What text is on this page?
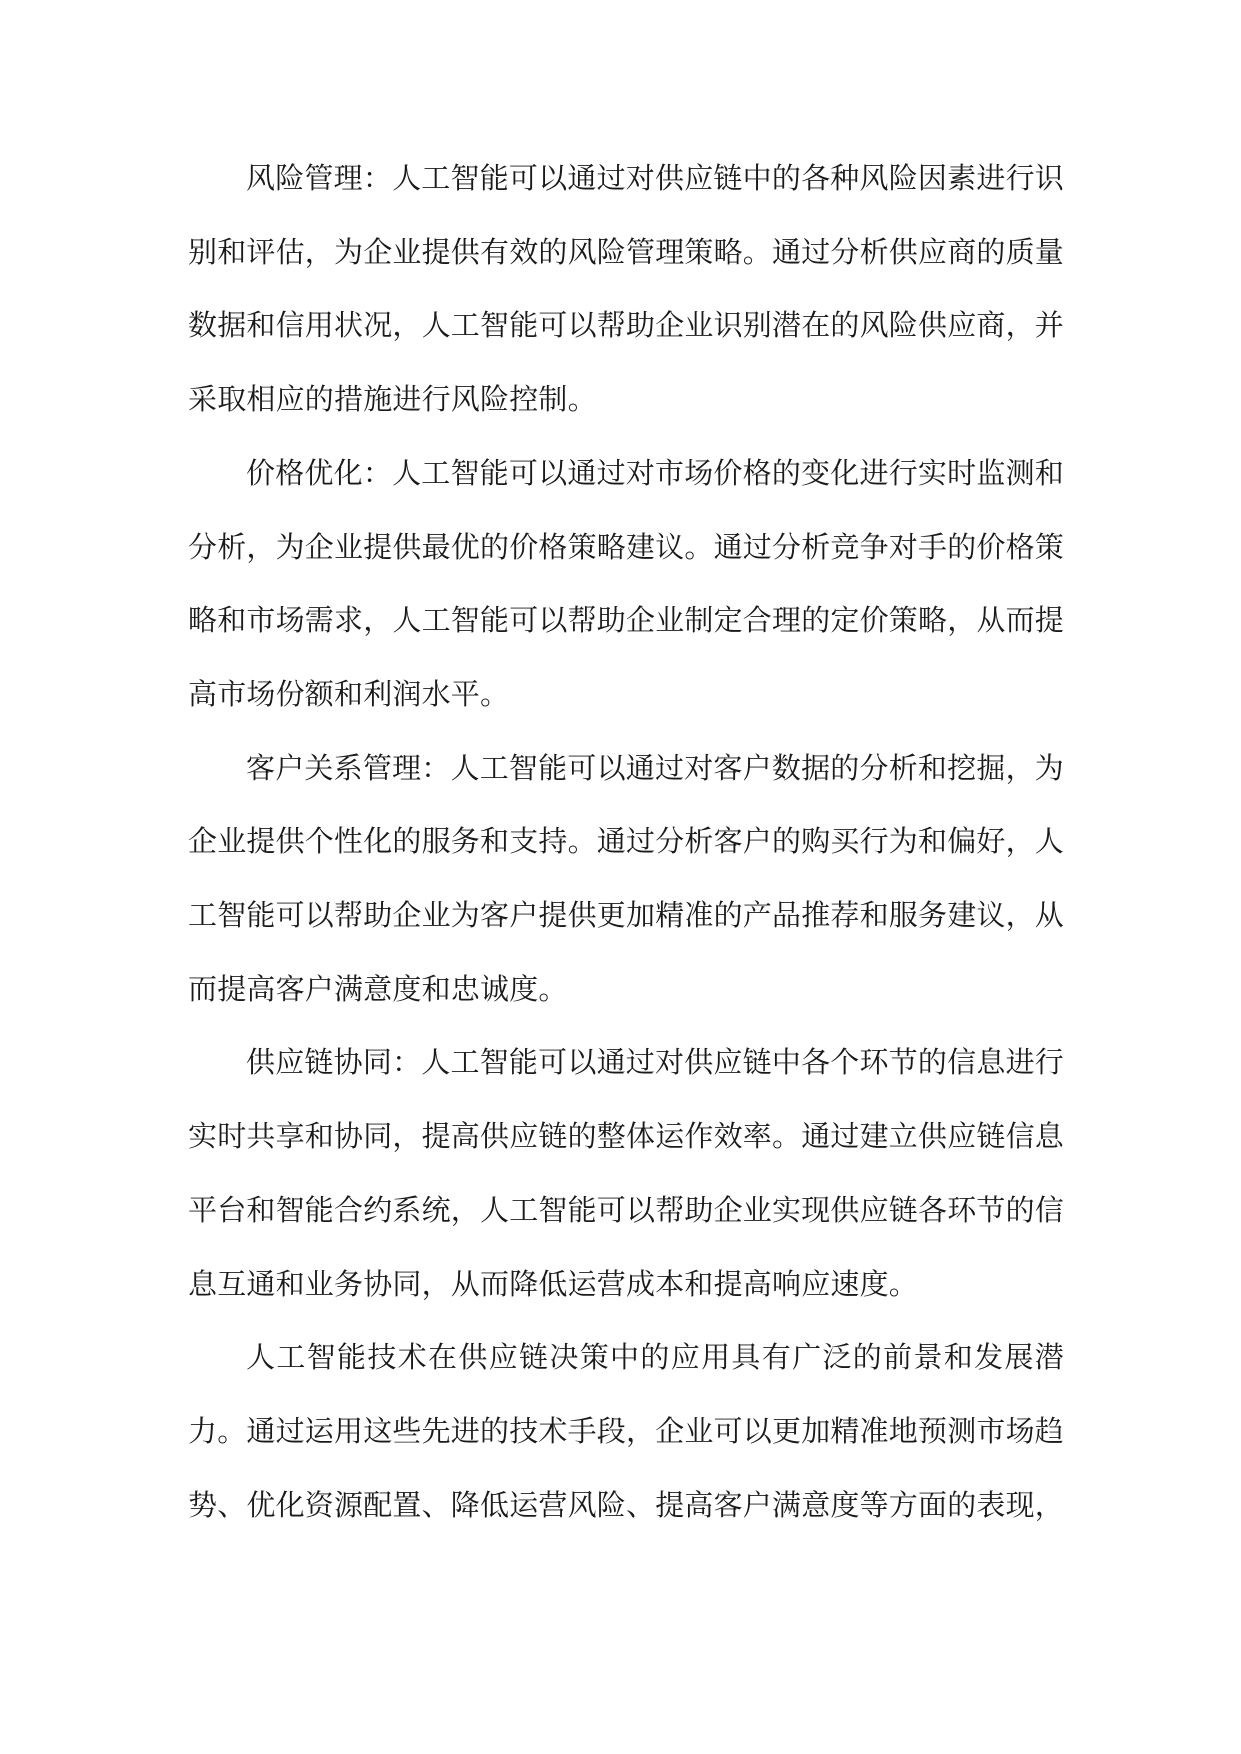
风险管理：人工智能可以通过对供应链中的各种风险因素进行识别和评估，为企业提供有效的风险管理策略。通过分析供应商的质量数据和信用状况，人工智能可以帮助企业识别潜在的风险供应商，并采取相应的措施进行风险控制。

价格优化：人工智能可以通过对市场价格的变化进行实时监测和分析，为企业提供最优的价格策略建议。通过分析竞争对手的价格策略和市场需求，人工智能可以帮助企业制定合理的定价策略，从而提高市场份额和利润水平。

客户关系管理：人工智能可以通过对客户数据的分析和挖掘，为企业提供个性化的服务和支持。通过分析客户的购买行为和偏好，人工智能可以帮助企业为客户提供更加精准的产品推荐和服务建议，从而提高客户满意度和忠诚度。

供应链协同：人工智能可以通过对供应链中各个环节的信息进行实时共享和协同，提高供应链的整体运作效率。通过建立供应链信息平台和智能合约系统，人工智能可以帮助企业实现供应链各环节的信息互通和业务协同，从而降低运营成本和提高响应速度。

人工智能技术在供应链决策中的应用具有广泛的前景和发展潜力。通过运用这些先进的技术手段，企业可以更加精准地预测市场趋势、优化资源配置、降低运营风险、提高客户满意度等方面的表现，
